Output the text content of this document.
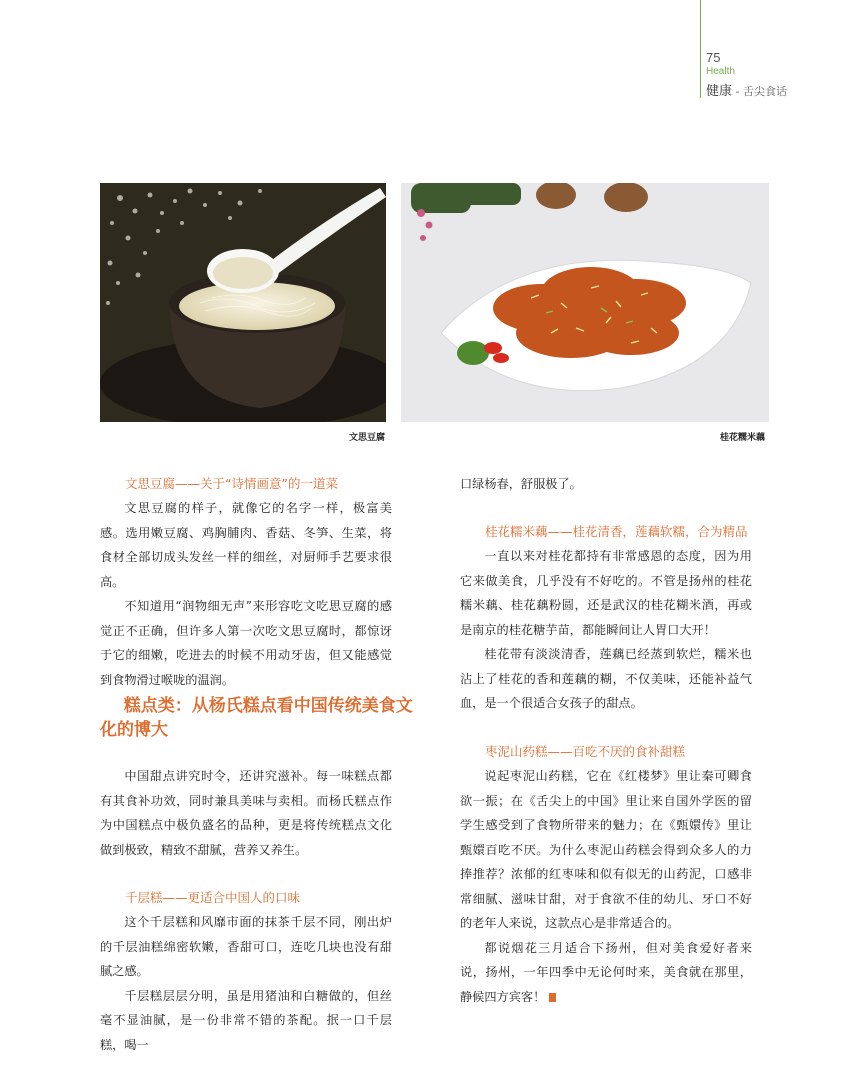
75
Health
健康 - 舌尖食话
文思豆腐	桂花糯米藕

文思豆腐——关于“诗情画意”的一道菜

文思豆腐的样子，就像它的名字一样，极富美感。选用嫩豆腐、鸡胸脯肉、香菇、冬笋、生菜，将食材全部切成头发丝一样的细丝，对厨师手艺要求很高。

不知道用“润物细无声”来形容吃文吃思豆腐的感觉正不正确，但许多人第一次吃文思豆腐时，都惊讶于它的细嫩，吃进去的时候不用动牙齿，但又能感觉到食物滑过喉咙的温润。

糕点类：从杨氏糕点看中国传统美食文化的博大

中国甜点讲究时令，还讲究滋补。每一味糕点都有其食补功效，同时兼具美味与卖相。而杨氏糕点作为中国糕点中极负盛名的品种，更是将传统糕点文化做到极致，精致不甜腻，营养又养生。

千层糕——更适合中国人的口味

这个千层糕和风靡市面的抹茶千层不同，刚出炉的千层油糕绵密软嫩，香甜可口，连吃几块也没有甜腻之感。

千层糕层层分明，虽是用猪油和白糖做的，但丝毫不显油腻，是一份非常不错的茶配。抿一口千层糕，喝一

口绿杨春，舒服极了。

桂花糯米藕——桂花清香，莲藕软糯，合为精品

一直以来对桂花都持有非常感恩的态度，因为用它来做美食，几乎没有不好吃的。不管是扬州的桂花糯米藕、桂花藕粉圆，还是武汉的桂花糊米酒，再或是南京的桂花糖芋苗，都能瞬间让人胃口大开！

桂花带有淡淡清香，莲藕已经蒸到软烂，糯米也沾上了桂花的香和莲藕的糊，不仅美味，还能补益气血，是一个很适合女孩子的甜点。

枣泥山药糕——百吃不厌的食补甜糕

说起枣泥山药糕，它在《红楼梦》里让秦可卿食欲一振；在《舌尖上的中国》里让来自国外学医的留学生感受到了食物所带来的魅力；在《甄嬛传》里让甄嬛百吃不厌。为什么枣泥山药糕会得到众多人的力捧推荐？浓郁的红枣味和似有似无的山药泥，口感非常细腻、滋味甘甜，对于食欲不佳的幼儿、牙口不好的老年人来说，这款点心是非常适合的。

都说烟花三月适合下扬州，但对美食爱好者来说，扬州，一年四季中无论何时来，美食就在那里，静候四方宾客！
